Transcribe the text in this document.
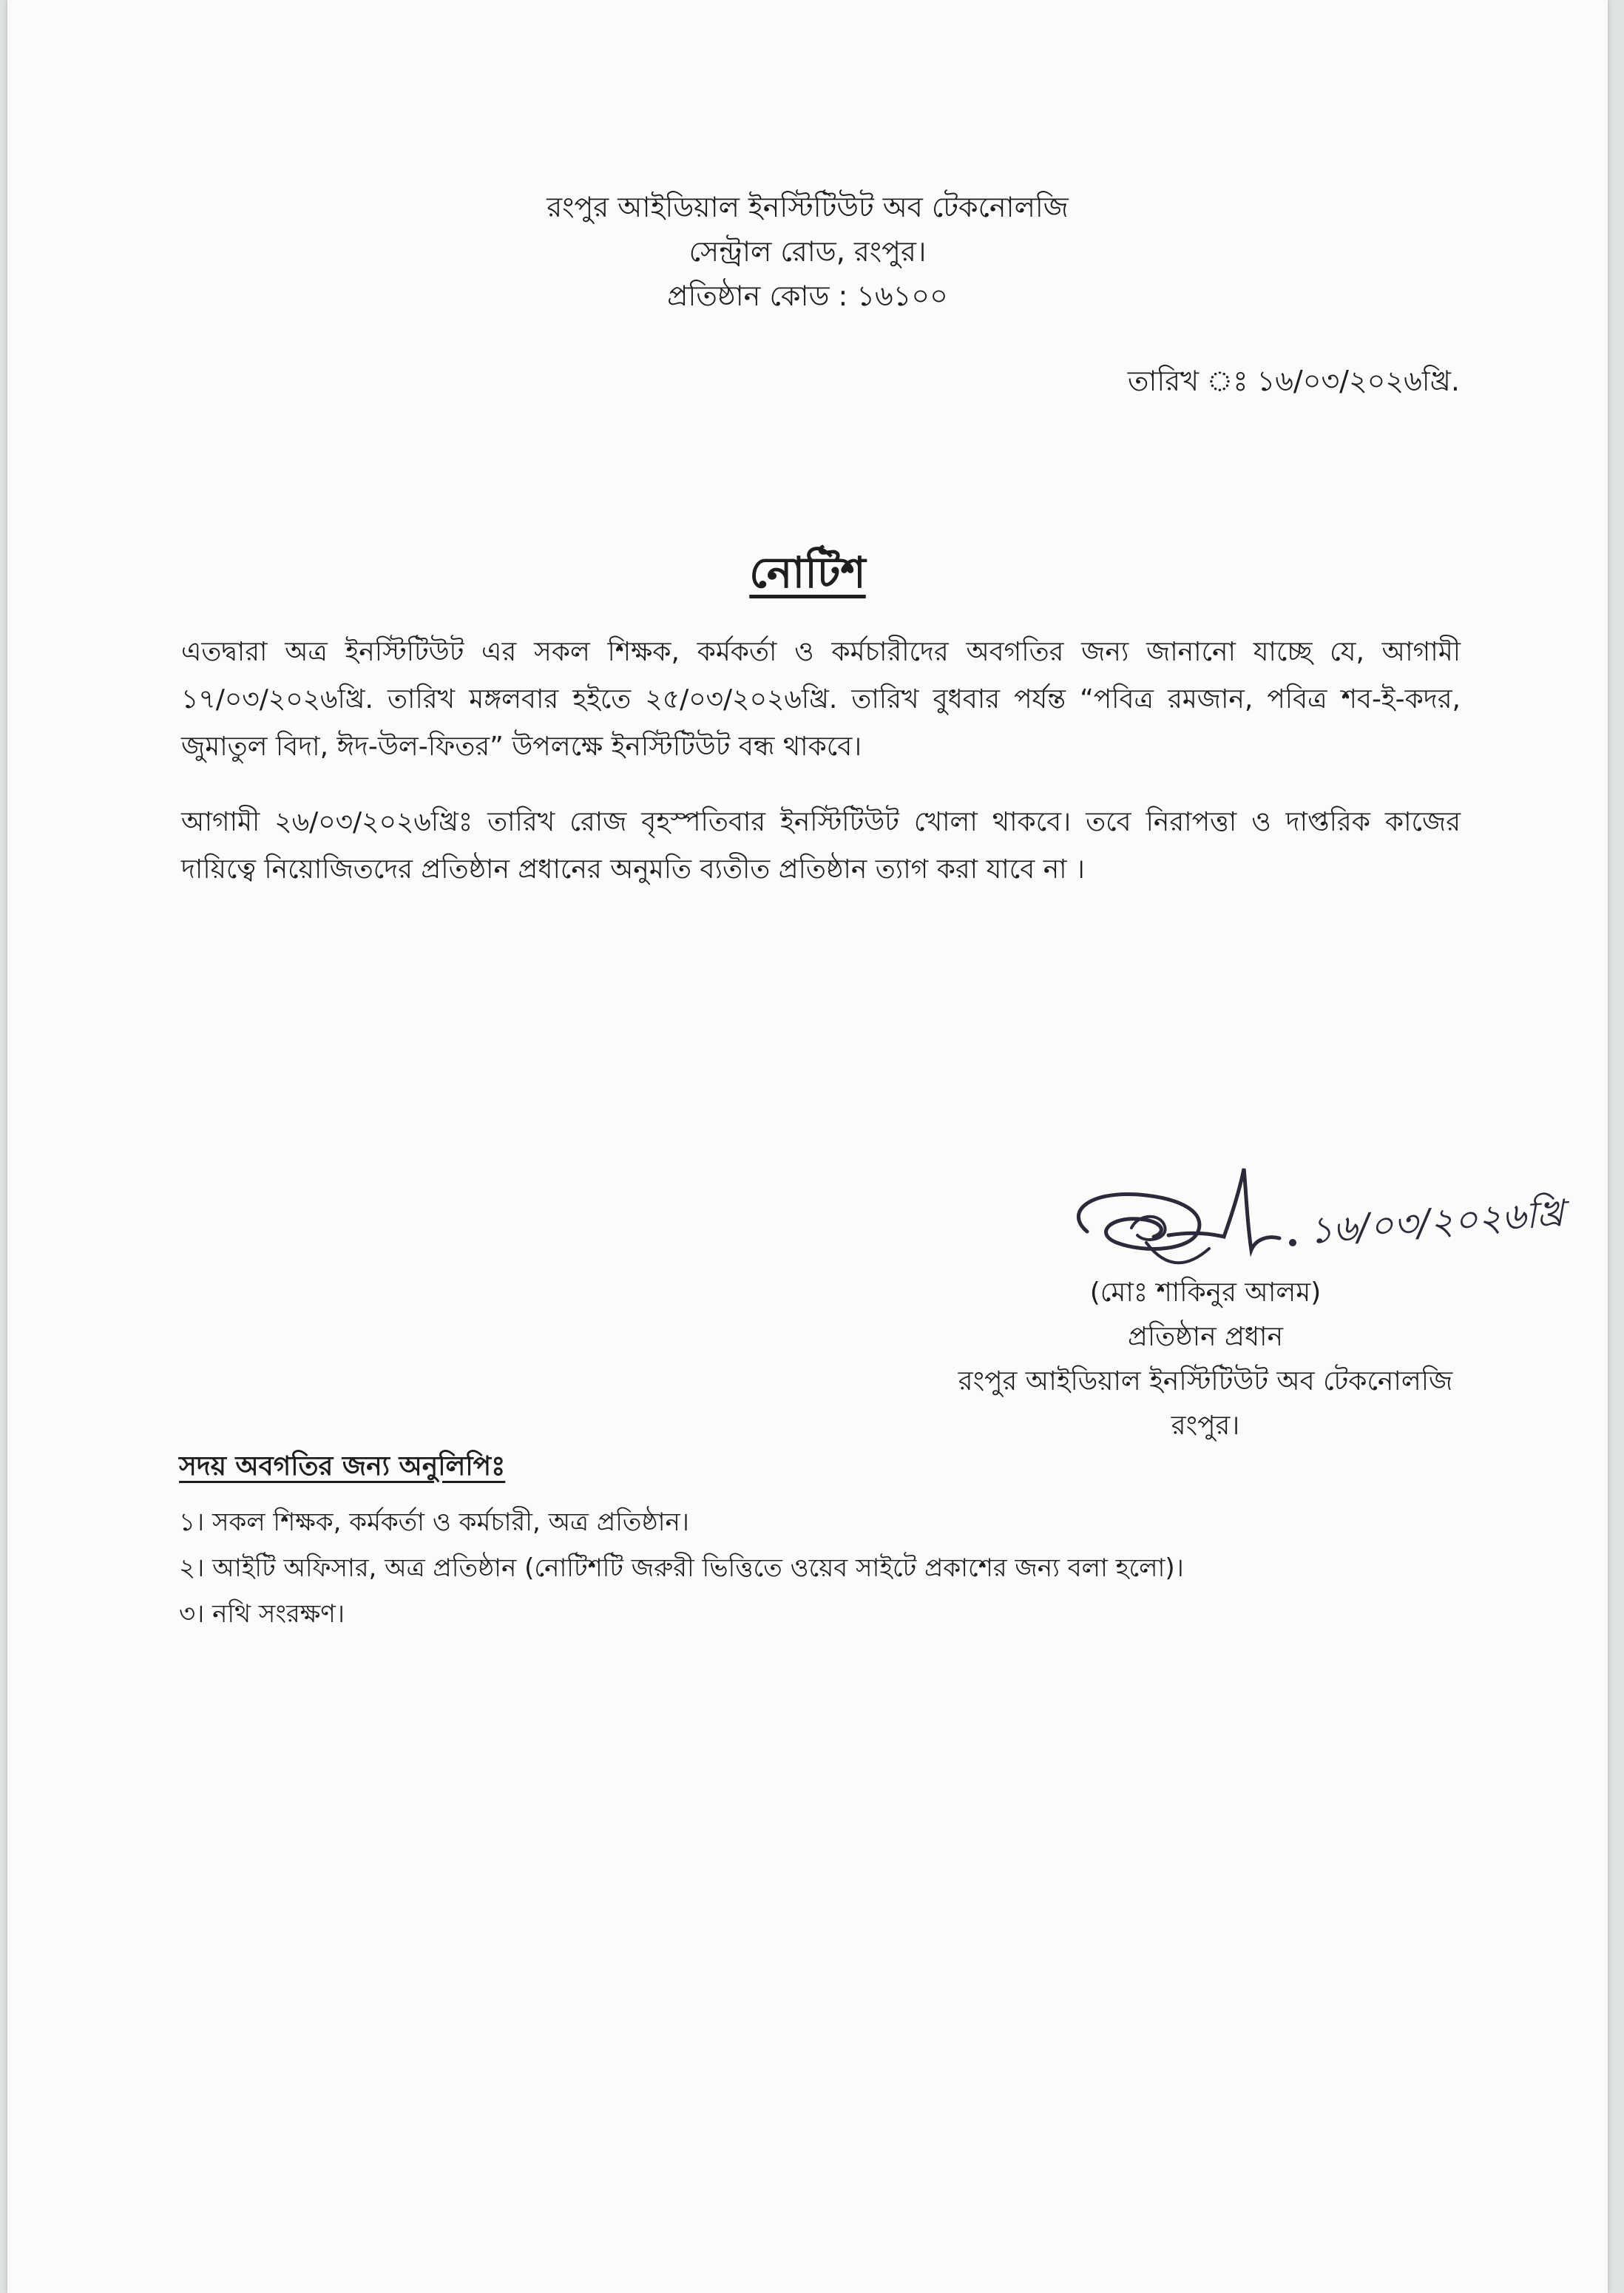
রংপুর আইডিয়াল ইনস্টিটিউট অব টেকনোলজি
সেন্ট্রাল রোড, রংপুর।
প্রতিষ্ঠান কোড : ১৬১০০
তারিখ ঃ ১৬/০৩/২০২৬খ্রি.
নোটিশ
এতদ্বারা অত্র ইনস্টিটিউট এর সকল শিক্ষক, কর্মকর্তা ও কর্মচারীদের অবগতির জন্য জানানো যাচ্ছে যে, আগামী ১৭/০৩/২০২৬খ্রি. তারিখ মঙ্গলবার হইতে ২৫/০৩/২০২৬খ্রি. তারিখ বুধবার পর্যন্ত “পবিত্র রমজান, পবিত্র শব-ই-কদর, জুমাতুল বিদা, ঈদ-উল-ফিতর” উপলক্ষে ইনস্টিটিউট বন্ধ থাকবে।
আগামী ২৬/০৩/২০২৬খ্রিঃ তারিখ রোজ বৃহস্পতিবার ইনস্টিটিউট খোলা থাকবে। তবে নিরাপত্তা ও দাপ্তরিক কাজের দায়িত্বে নিয়োজিতদের প্রতিষ্ঠান প্রধানের অনুমতি ব্যতীত প্রতিষ্ঠান ত্যাগ করা যাবে না ।
১৬/০৩/২০২৬খ্রি
(মোঃ শাকিনুর আলম)
প্রতিষ্ঠান প্রধান
রংপুর আইডিয়াল ইনস্টিটিউট অব টেকনোলজি
রংপুর।
সদয় অবগতির জন্য অনুলিপিঃ
১। সকল শিক্ষক, কর্মকর্তা ও কর্মচারী, অত্র প্রতিষ্ঠান।
২। আইটি অফিসার, অত্র প্রতিষ্ঠান (নোটিশটি জরুরী ভিত্তিতে ওয়েব সাইটে প্রকাশের জন্য বলা হলো)।
৩। নথি সংরক্ষণ।
